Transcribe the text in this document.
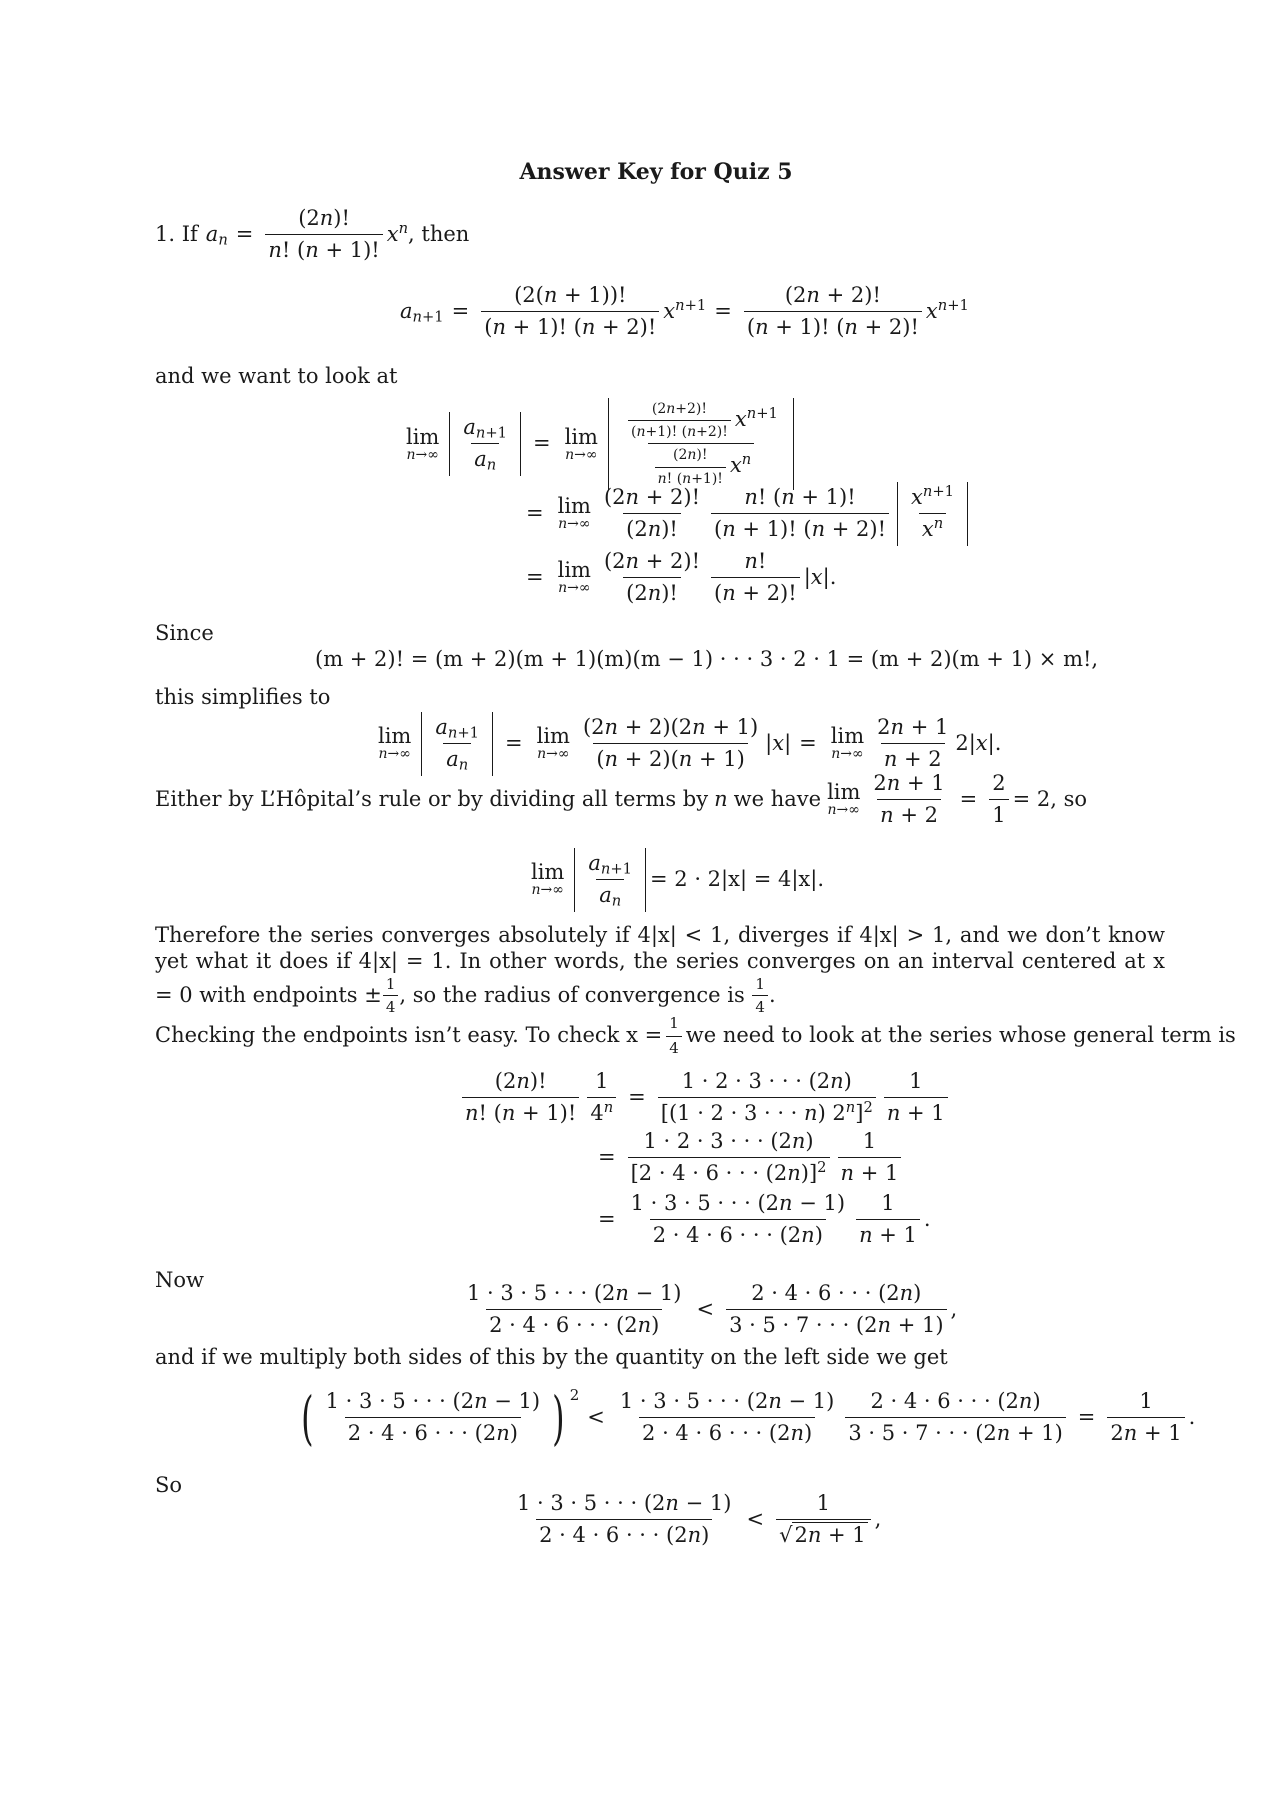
Answer Key for Quiz 5
1. If $a_n = \frac{(2n)!}{n! (n + 1)!} x^n$, then
$a_{n+1} = \frac{(2(n + 1))!}{(n + 1)! (n + 2)!} x^{n+1} = \frac{(2n + 2)!}{(n + 1)! (n + 2)!} x^{n+1}$
and we want to look at
lim
$n\to\infty \frac{a_{n+1}}{a_n} = \lim$
$n\to\infty \frac{\frac{(2n+2)!}{(n+1)! (n+2)!} x^{n+1}}{\frac{(2n)!}{n! (n+1)!} x^n}$
= lim
$n\to\infty \frac{(2n + 2)!}{(2n)!} \frac{n! (n + 1)!}{(n + 1)! (n + 2)!} \frac{x^{n+1}}{x^n}$
= lim
$n\to\infty \frac{(2n + 2)!}{(2n)!} \frac{n!}{(n + 2)!} |x|$.
Since
(m + 2)! = (m + 2)(m + 1)(m)(m − 1) · · · 3 · 2 · 1 = (m + 2)(m + 1) × m!,
this simplifies to
lim
$n\to\infty \frac{a_{n+1}}{a_n} = \lim$
$n\to\infty \frac{(2n + 2)(2n + 1)}{(n + 2)(n + 1)} |x| = \lim$
$n\to\infty \frac{2n + 1}{n + 2} 2|x|$.
Either by L’Hôpital’s rule or by dividing all terms by n we have lim
$n\to\infty \frac{2n + 1}{n + 2} = \frac{2}{1} = 2$, so
lim
$n\to\infty \frac{a_{n+1}}{a_n} = 2 \cdot 2|x| = 4|x|$.
Therefore the series converges absolutely if 4|x| < 1, diverges if 4|x| > 1, and we don’t know yet what it does if 4|x| = 1. In other words, the series converges on an interval centered at x = 0 with endpoints ± $\frac{1}{4}$ , so the radius of convergence is $\frac{1}{4}$ .
Checking the endpoints isn’t easy. To check $x = \frac{1}{4}$ we need to look at the series whose general term is
$\frac{(2n)!}{n! (n + 1)!} \frac{1}{4^n} = \frac{1 \cdot 2 \cdot 3 \cdot \cdot \cdot (2n)}{[(1 \cdot 2 \cdot 3 \cdot \cdot \cdot n) 2^n]^2} \frac{1}{n + 1}$
= $\frac{1 \cdot 2 \cdot 3 \cdot \cdot \cdot (2n)}{[2 \cdot 4 \cdot 6 \cdot \cdot \cdot (2n)]^2} \frac{1}{n + 1}$
= $\frac{1 \cdot 3 \cdot 5 \cdot \cdot \cdot (2n - 1)}{2 \cdot 4 \cdot 6 \cdot \cdot \cdot (2n)} \frac{1}{n + 1}$ .
Now	$\frac{1 \cdot 3 \cdot 5 \cdot \cdot \cdot (2n - 1)}{2 \cdot 4 \cdot 6 \cdot \cdot \cdot (2n)} < \frac{2 \cdot 4 \cdot 6 \cdot \cdot \cdot (2n)}{3 \cdot 5 \cdot 7 \cdot \cdot \cdot (2n + 1)}$ ,
and if we multiply both sides of this by the quantity on the left side we get
( $\frac{1 \cdot 3 \cdot 5 \cdot \cdot \cdot (2n - 1)}{2 \cdot 4 \cdot 6 \cdot \cdot \cdot (2n)}$ ) 2
< $\frac{1 \cdot 3 \cdot 5 \cdot \cdot \cdot (2n - 1)}{2 \cdot 4 \cdot 6 \cdot \cdot \cdot (2n)} \frac{2 \cdot 4 \cdot 6 \cdot \cdot \cdot (2n)}{3 \cdot 5 \cdot 7 \cdot \cdot \cdot (2n + 1)} = \frac{1}{2n + 1}$ .
So
$\frac{1 \cdot 3 \cdot 5 \cdot \cdot \cdot (2n - 1)}{2 \cdot 4 \cdot 6 \cdot \cdot \cdot (2n)} < \frac{1}{√2n + 1}$ ,
